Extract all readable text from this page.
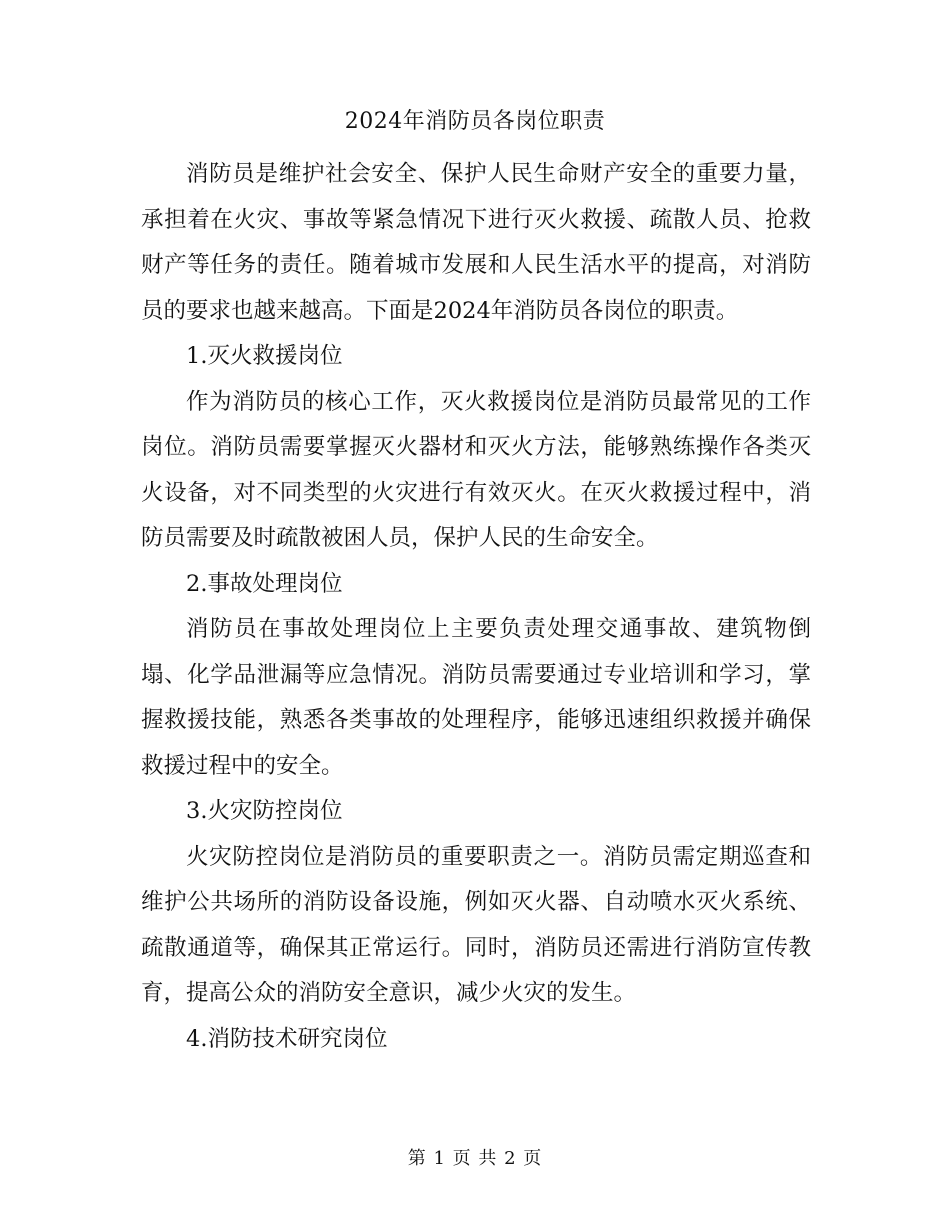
2024年消防员各岗位职责

消防员是维护社会安全、保护人民生命财产安全的重要力量，承担着在火灾、事故等紧急情况下进行灭火救援、疏散人员、抢救财产等任务的责任。随着城市发展和人民生活水平的提高，对消防员的要求也越来越高。下面是2024年消防员各岗位的职责。

1.灭火救援岗位

作为消防员的核心工作，灭火救援岗位是消防员最常见的工作岗位。消防员需要掌握灭火器材和灭火方法，能够熟练操作各类灭火设备，对不同类型的火灾进行有效灭火。在灭火救援过程中，消防员需要及时疏散被困人员，保护人民的生命安全。

2.事故处理岗位

消防员在事故处理岗位上主要负责处理交通事故、建筑物倒塌、化学品泄漏等应急情况。消防员需要通过专业培训和学习，掌握救援技能，熟悉各类事故的处理程序，能够迅速组织救援并确保救援过程中的安全。

3.火灾防控岗位

火灾防控岗位是消防员的重要职责之一。消防员需定期巡查和维护公共场所的消防设备设施，例如灭火器、自动喷水灭火系统、疏散通道等，确保其正常运行。同时，消防员还需进行消防宣传教育，提高公众的消防安全意识，减少火灾的发生。

4.消防技术研究岗位

第 1 页 共 2 页
